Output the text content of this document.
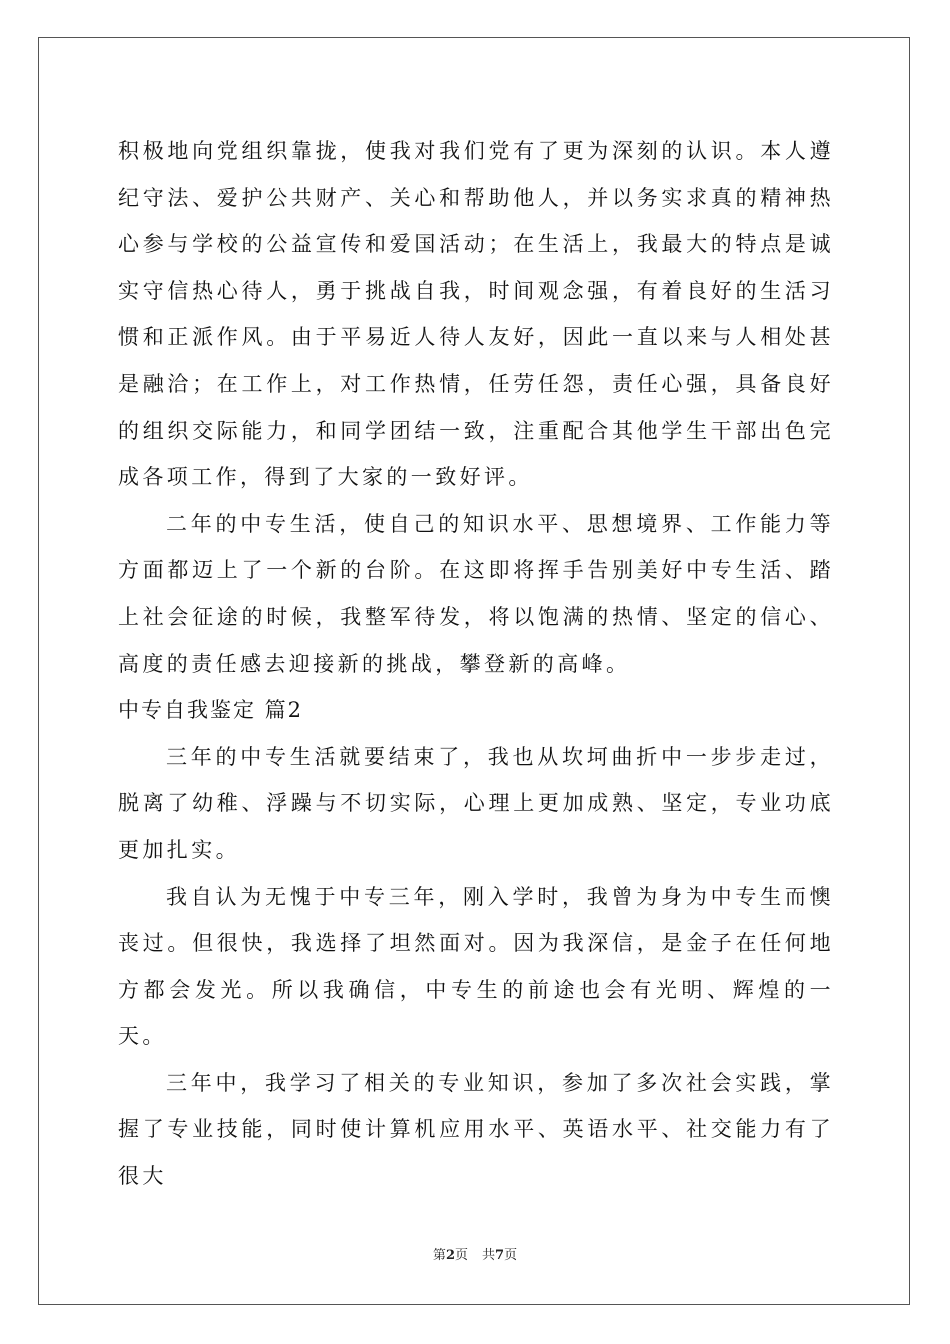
积极地向党组织靠拢，使我对我们党有了更为深刻的认识。本人遵纪守法、爱护公共财产、关心和帮助他人，并以务实求真的精神热心参与学校的公益宣传和爱国活动；在生活上，我最大的特点是诚实守信热心待人，勇于挑战自我，时间观念强，有着良好的生活习惯和正派作风。由于平易近人待人友好，因此一直以来与人相处甚是融洽；在工作上，对工作热情，任劳任怨，责任心强，具备良好的组织交际能力，和同学团结一致，注重配合其他学生干部出色完成各项工作，得到了大家的一致好评。

二年的中专生活，使自己的知识水平、思想境界、工作能力等方面都迈上了一个新的台阶。在这即将挥手告别美好中专生活、踏上社会征途的时候，我整军待发，将以饱满的热情、坚定的信心、高度的责任感去迎接新的挑战，攀登新的高峰。

中专自我鉴定 篇2

三年的中专生活就要结束了，我也从坎坷曲折中一步步走过，脱离了幼稚、浮躁与不切实际，心理上更加成熟、坚定，专业功底更加扎实。

我自认为无愧于中专三年，刚入学时，我曾为身为中专生而懊丧过。但很快，我选择了坦然面对。因为我深信，是金子在任何地方都会发光。所以我确信，中专生的前途也会有光明、辉煌的一天。

三年中，我学习了相关的专业知识，参加了多次社会实践，掌握了专业技能，同时使计算机应用水平、英语水平、社交能力有了很大

第2页 共7页
